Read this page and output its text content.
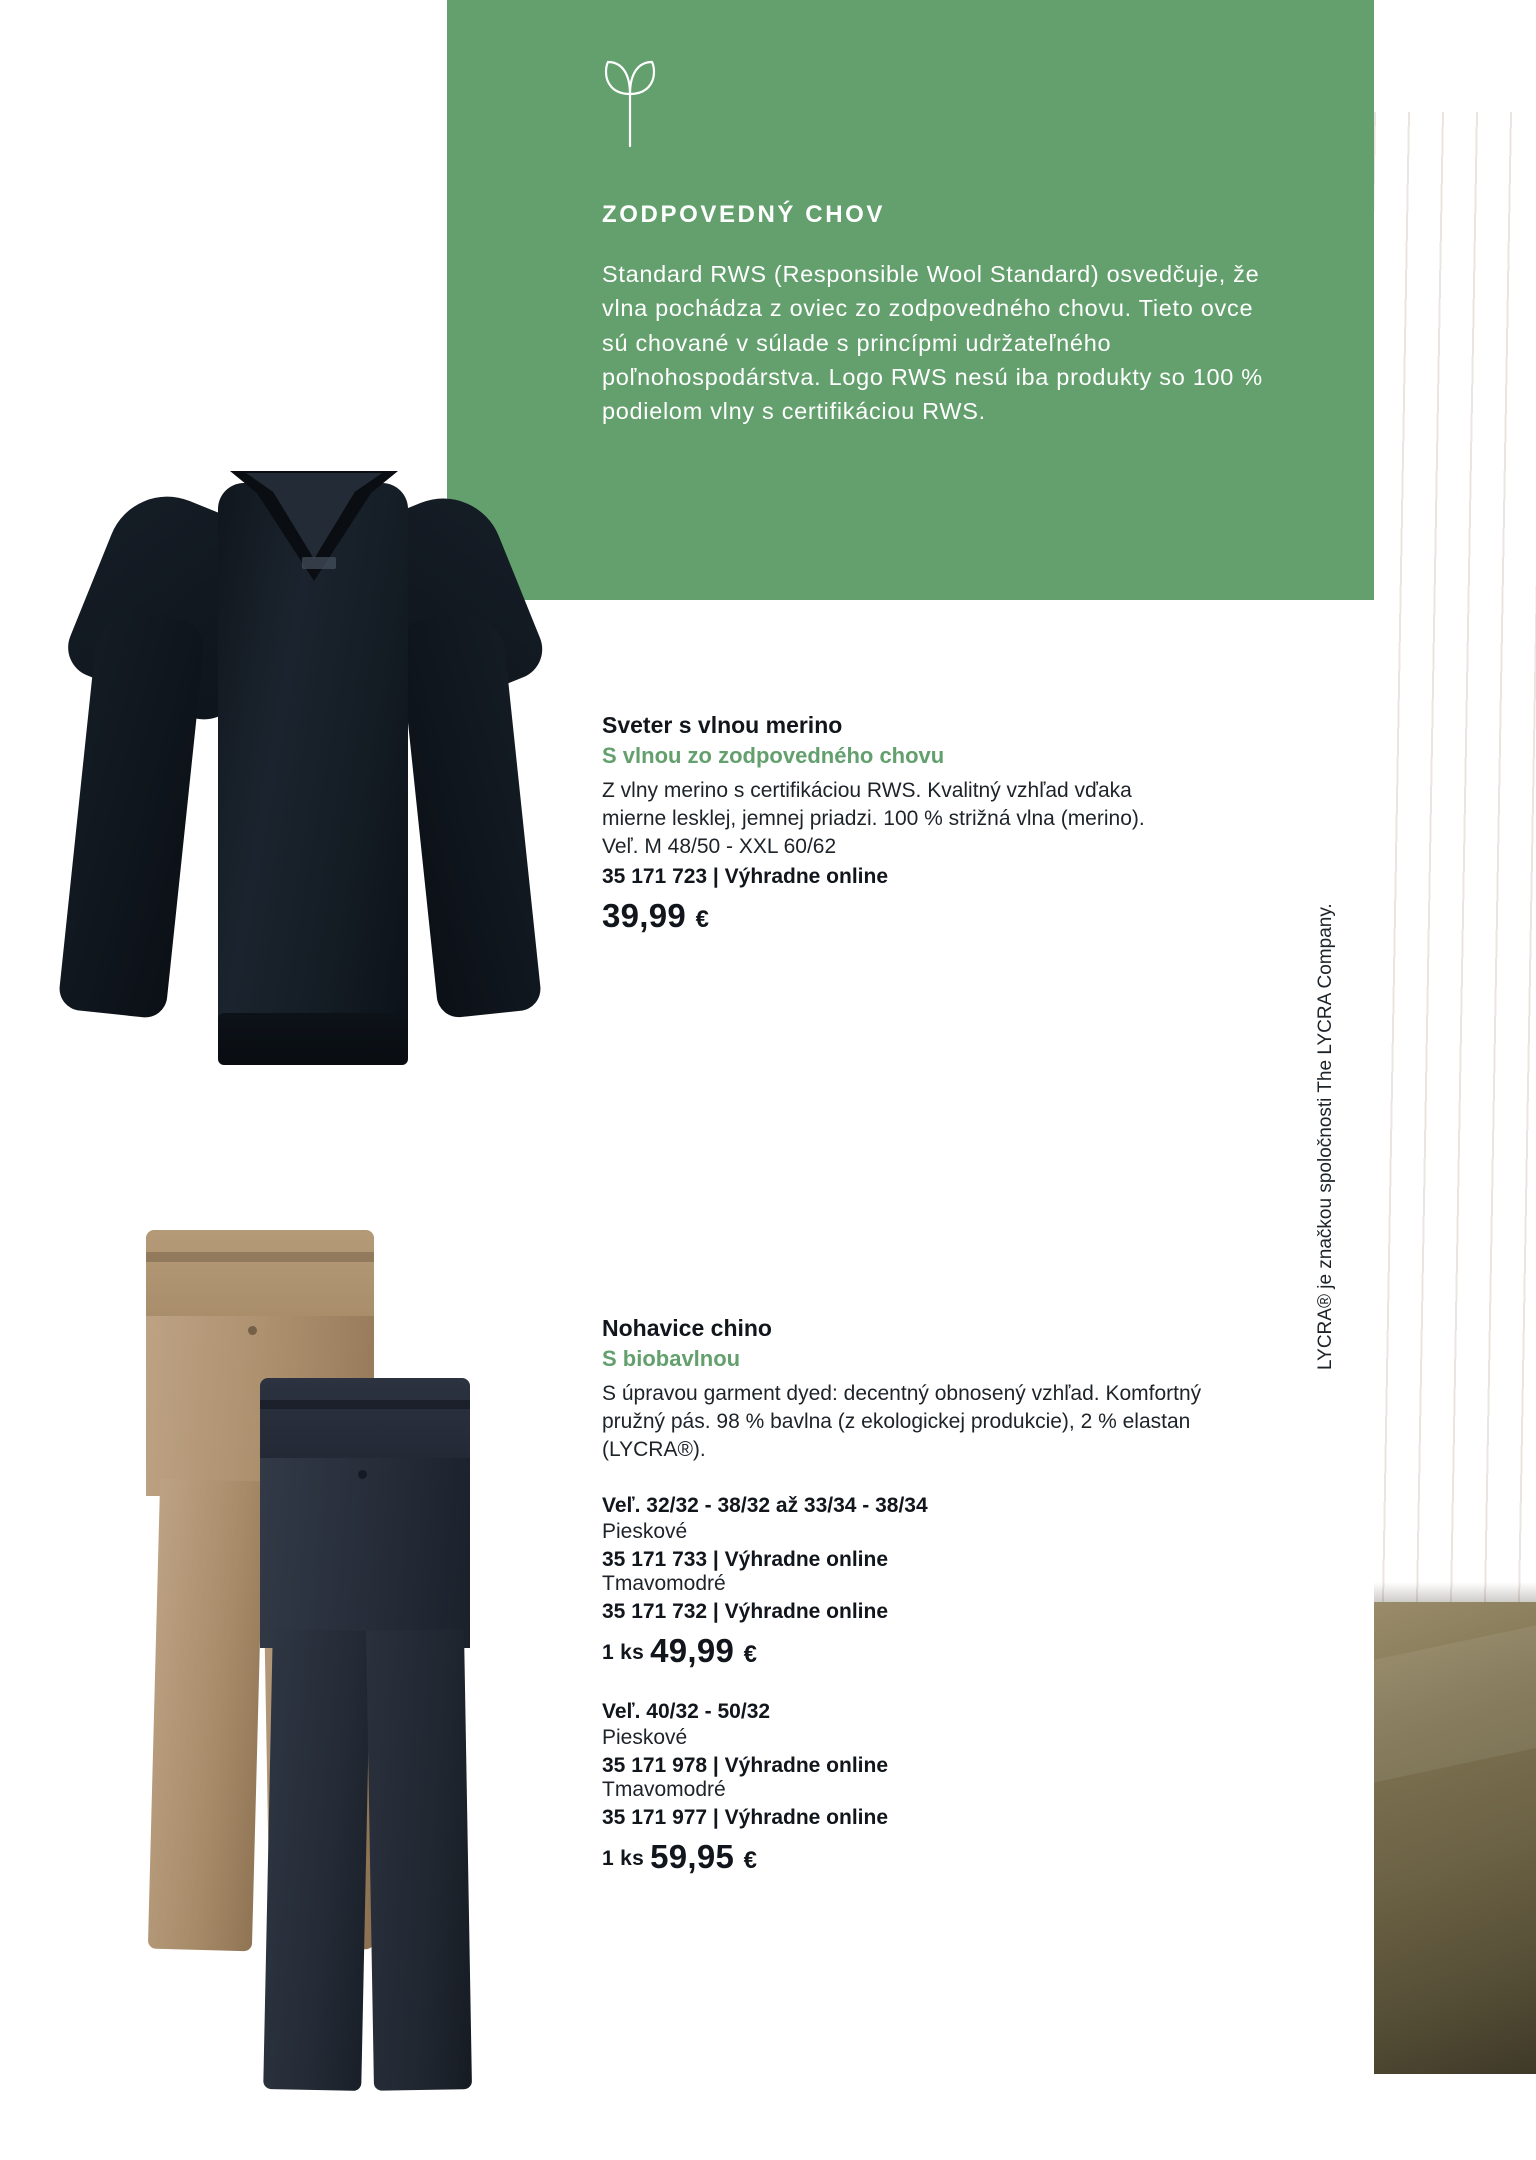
ZODPOVEDNÝ CHOV

Standard RWS (Responsible Wool Standard) osvedčuje, že vlna pochádza z oviec zo zodpovedného chovu. Tieto ovce sú chované v súlade s princípmi udržateľného poľnohospodárstva. Logo RWS nesú iba produkty so 100 % podielom vlny s certifikáciou RWS.

Sveter s vlnou merino

S vlnou zo zodpovedného chovu

Z vlny merino s certifikáciou RWS. Kvalitný vzhľad vďaka mierne lesklej, jemnej priadzi. 100 % strižná vlna (merino). Veľ. M 48/50 - XXL 60/62

35 171 723 | Výhradne online

39,99 €

Nohavice chino

S biobavlnou

S úpravou garment dyed: decentný obnosený vzhľad. Komfortný pružný pás. 98 % bavlna (z ekologickej produkcie), 2 % elastan (LYCRA®).

Veľ. 32/32 - 38/32 až 33/34 - 38/34

Pieskové

35 171 733 | Výhradne online

Tmavomodré

35 171 732 | Výhradne online

1 ks 49,99 €

Veľ. 40/32 - 50/32

Pieskové

35 171 978 | Výhradne online

Tmavomodré

35 171 977 | Výhradne online

1 ks 59,95 €

LYCRA® je značkou spoločnosti The LYCRA Company.
